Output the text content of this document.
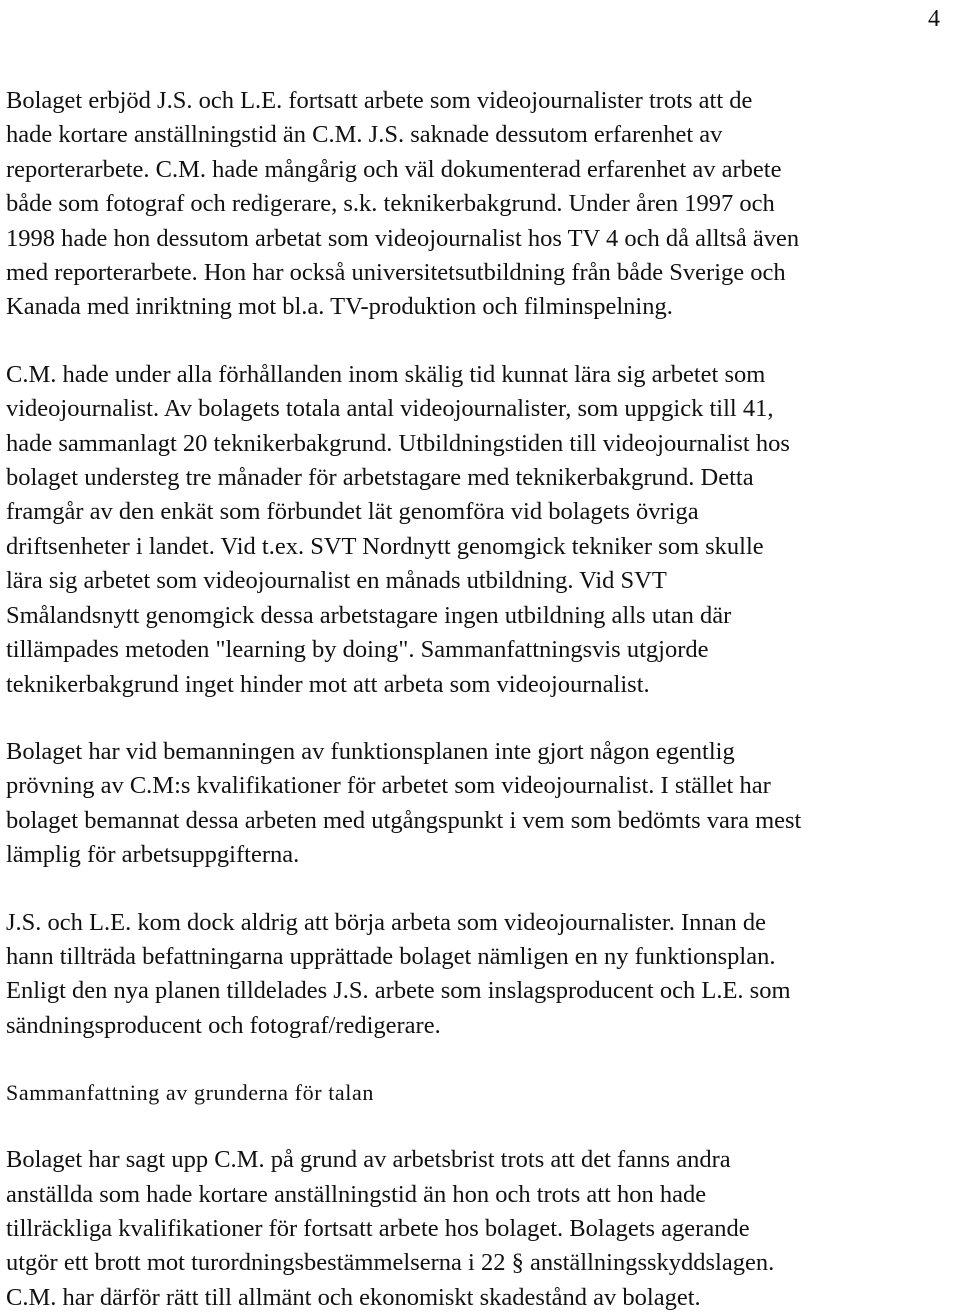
4

Bolaget erbjöd J.S. och L.E. fortsatt arbete som videojournalister trots att de
hade kortare anställningstid än C.M. J.S. saknade dessutom erfarenhet av
reporterarbete. C.M. hade mångårig och väl dokumenterad erfarenhet av arbete
både som fotograf och redigerare, s.k. teknikerbakgrund. Under åren 1997 och
1998 hade hon dessutom arbetat som videojournalist hos TV 4 och då alltså även
med reporterarbete. Hon har också universitetsutbildning från både Sverige och
Kanada med inriktning mot bl.a. TV-produktion och filminspelning.

C.M. hade under alla förhållanden inom skälig tid kunnat lära sig arbetet som
videojournalist. Av bolagets totala antal videojournalister, som uppgick till 41,
hade sammanlagt 20 teknikerbakgrund. Utbildningstiden till videojournalist hos
bolaget understeg tre månader för arbetstagare med teknikerbakgrund. Detta
framgår av den enkät som förbundet lät genomföra vid bolagets övriga
driftsenheter i landet. Vid t.ex. SVT Nordnytt genomgick tekniker som skulle
lära sig arbetet som videojournalist en månads utbildning. Vid SVT
Smålandsnytt genomgick dessa arbetstagare ingen utbildning alls utan där
tillämpades metoden "learning by doing". Sammanfattningsvis utgjorde
teknikerbakgrund inget hinder mot att arbeta som videojournalist.

Bolaget har vid bemanningen av funktionsplanen inte gjort någon egentlig
prövning av C.M:s kvalifikationer för arbetet som videojournalist. I stället har
bolaget bemannat dessa arbeten med utgångspunkt i vem som bedömts vara mest
lämplig för arbetsuppgifterna.

J.S. och L.E. kom dock aldrig att börja arbeta som videojournalister. Innan de
hann tillträda befattningarna upprättade bolaget nämligen en ny funktionsplan.
Enligt den nya planen tilldelades J.S. arbete som inslagsproducent och L.E. som
sändningsproducent och fotograf/redigerare.

Sammanfattning av grunderna för talan

Bolaget har sagt upp C.M. på grund av arbetsbrist trots att det fanns andra
anställda som hade kortare anställningstid än hon och trots att hon hade
tillräckliga kvalifikationer för fortsatt arbete hos bolaget. Bolagets agerande
utgör ett brott mot turordningsbestämmelserna i 22 § anställningsskyddslagen.
C.M. har därför rätt till allmänt och ekonomiskt skadestånd av bolaget.
